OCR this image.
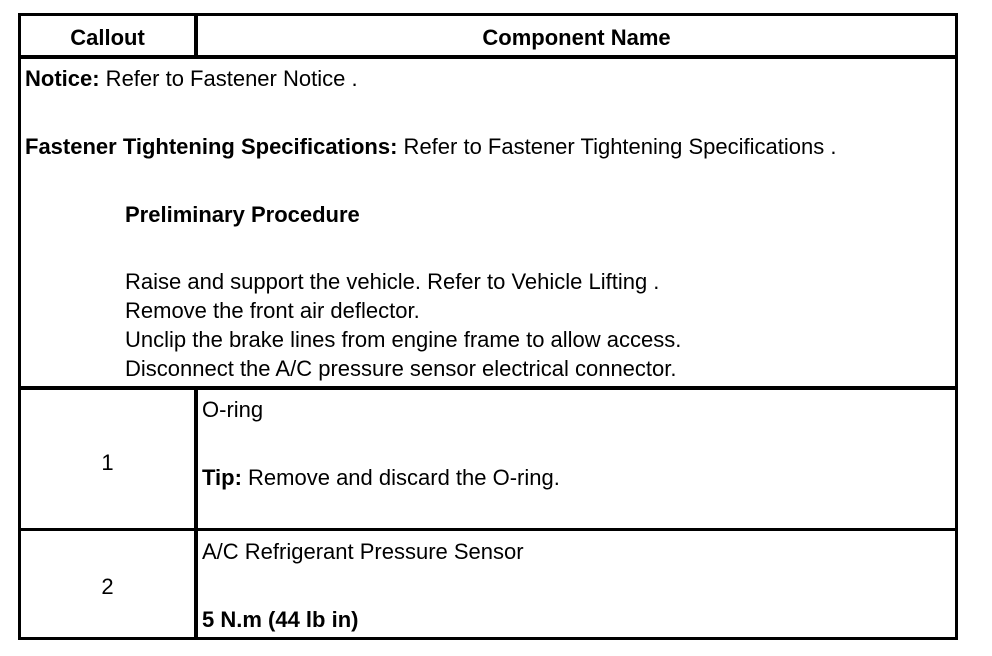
Callout	Component Name
Notice: Refer to Fastener Notice .
Fastener Tightening Specifications: Refer to Fastener Tightening Specifications .
Preliminary Procedure
Raise and support the vehicle. Refer to Vehicle Lifting .
Remove the front air deflector.
Unclip the brake lines from engine frame to allow access.
Disconnect the A/C pressure sensor electrical connector.
1
O-ring
Tip: Remove and discard the O-ring.
2
A/C Refrigerant Pressure Sensor
5 N.m (44 lb in)
